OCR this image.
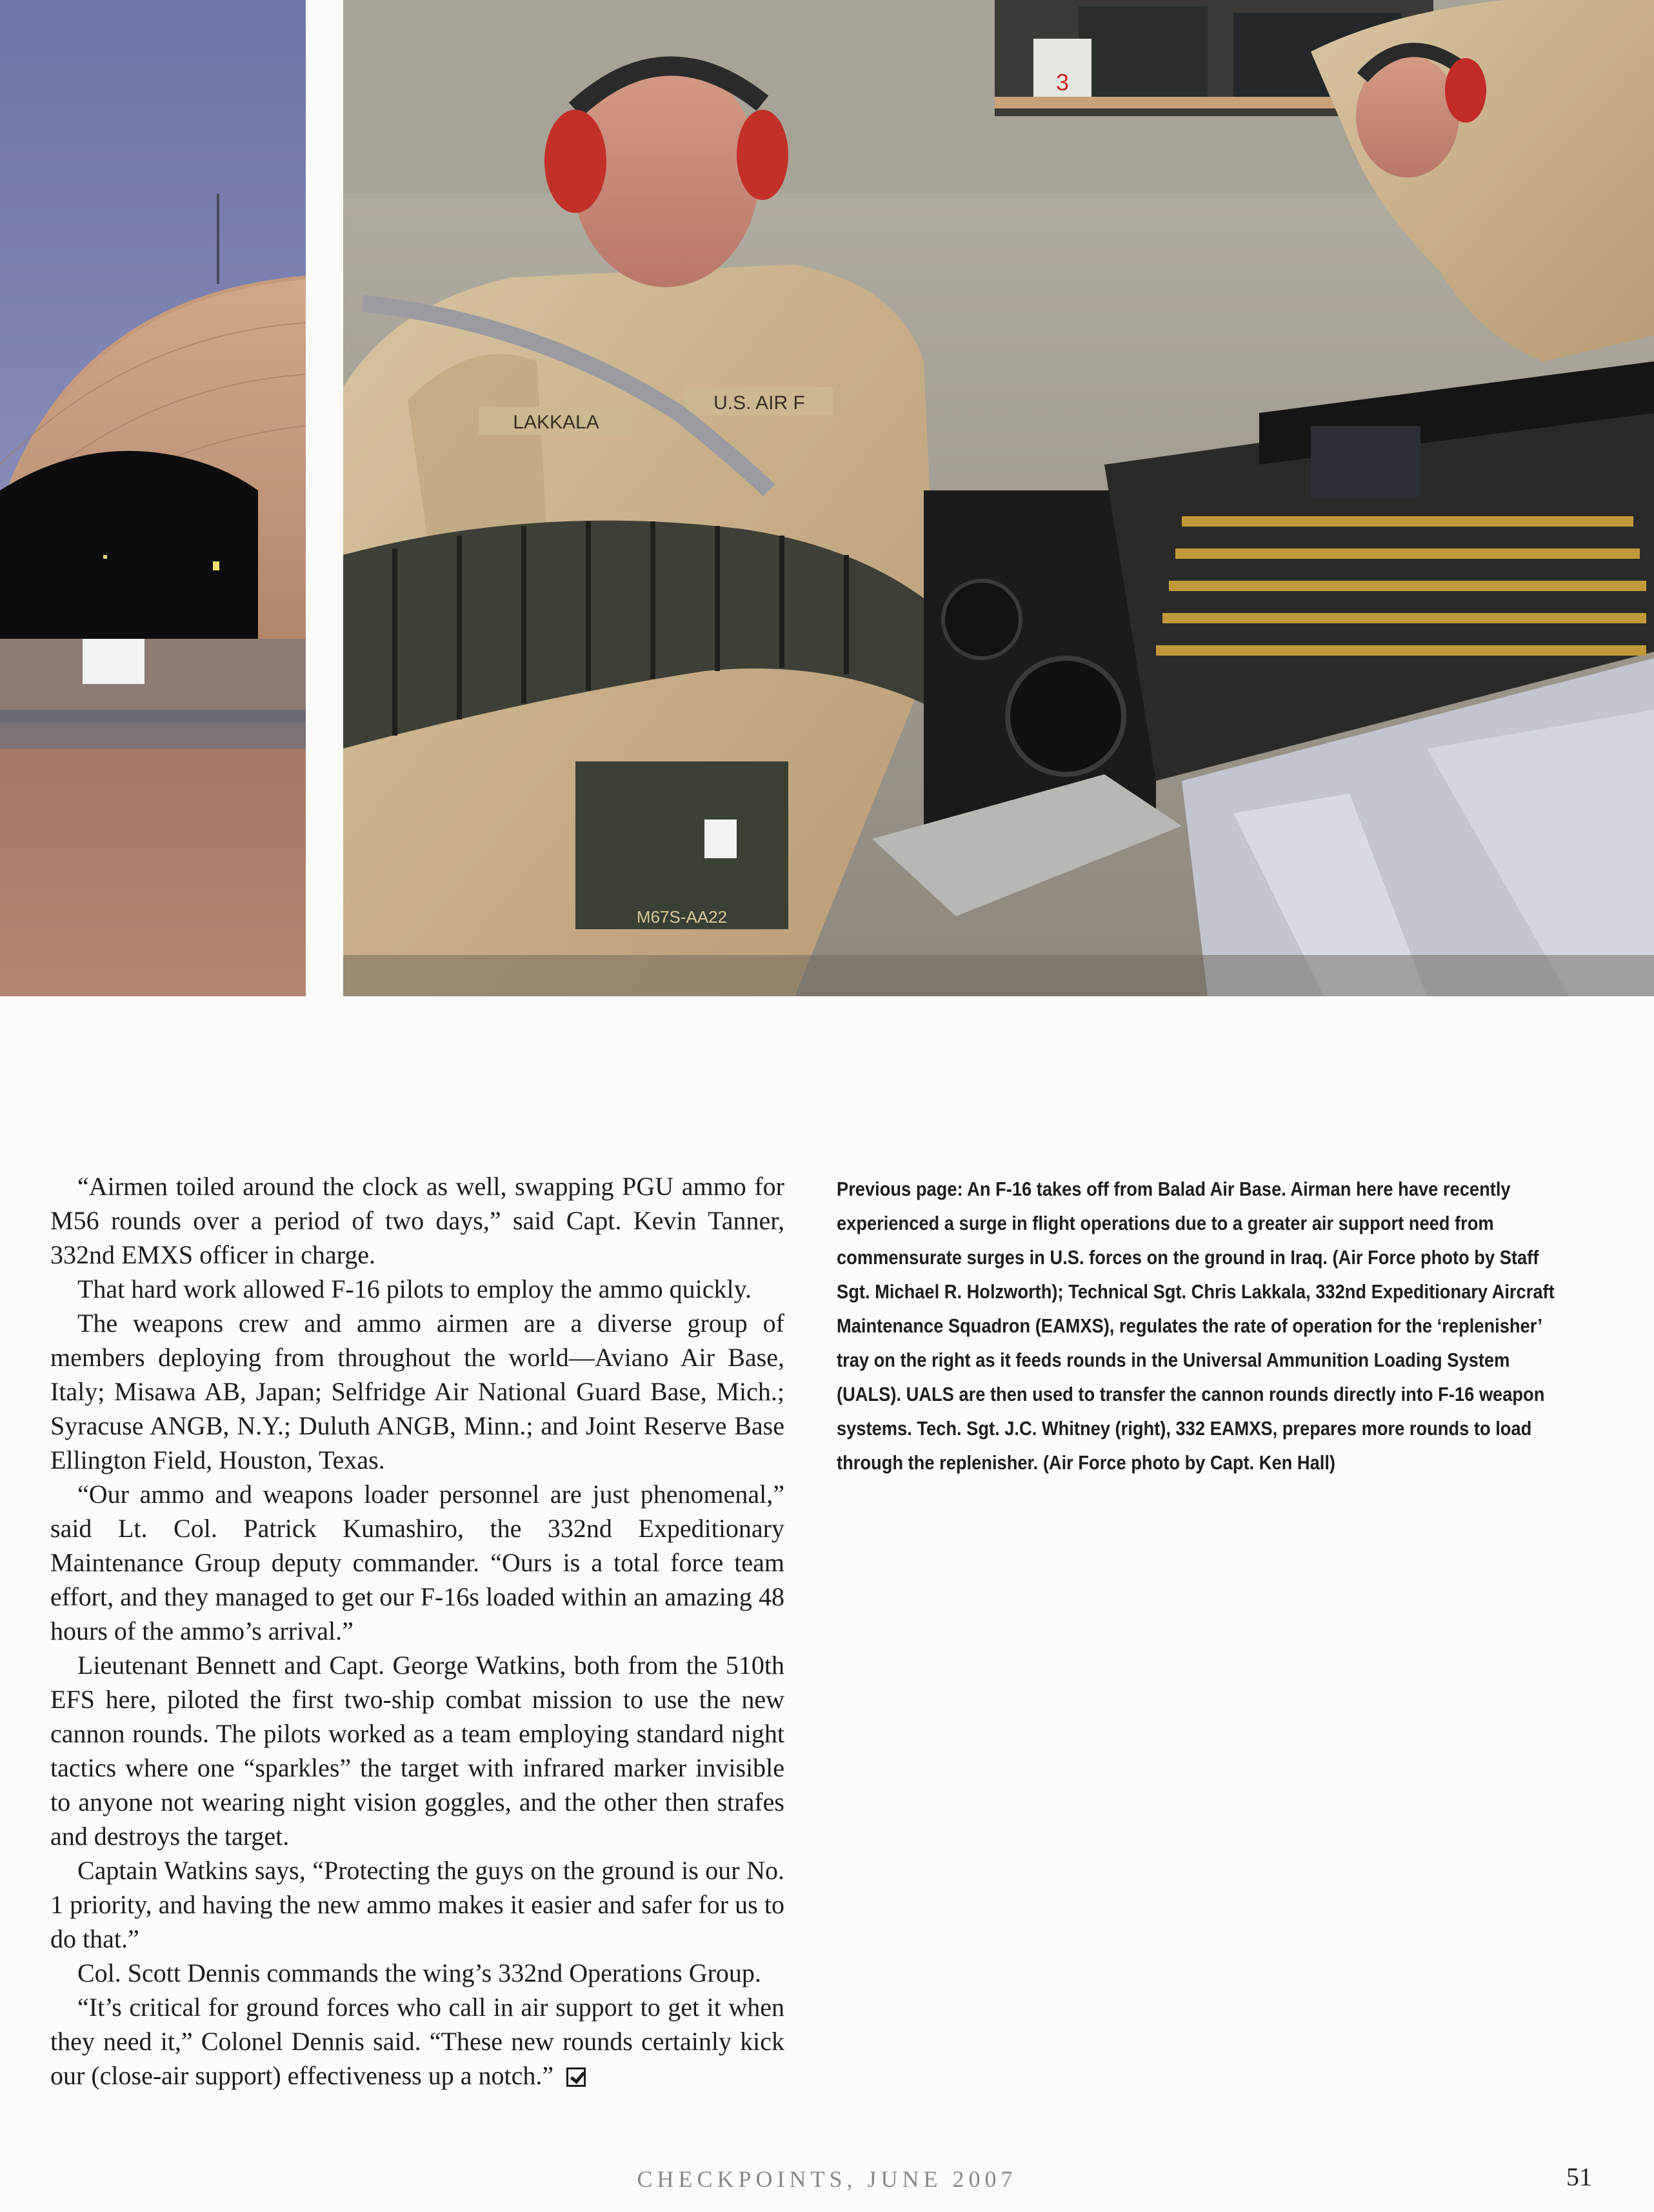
3
LAKKALA
U.S. AIR F
M67S-AA22

“Airmen toiled around the clock as well, swapping PGU ammo for M56 rounds over a period of two days,” said Capt. Kevin Tanner, 332nd EMXS officer in charge.

That hard work allowed F-16 pilots to employ the ammo quickly.

The weapons crew and ammo airmen are a diverse group of members deploying from throughout the world—Aviano Air Base, Italy; Misawa AB, Japan; Selfridge Air National Guard Base, Mich.; Syracuse ANGB, N.Y.; Duluth ANGB, Minn.; and Joint Reserve Base Ellington Field, Houston, Texas.

“Our ammo and weapons loader personnel are just phenomenal,” said Lt. Col. Patrick Kumashiro, the 332nd Expeditionary Maintenance Group deputy commander. “Ours is a total force team effort, and they managed to get our F-16s loaded within an amazing 48 hours of the ammo’s arrival.”

Lieutenant Bennett and Capt. George Watkins, both from the 510th EFS here, piloted the first two-ship combat mission to use the new cannon rounds. The pilots worked as a team employing standard night tactics where one “sparkles” the target with infrared marker invisible to anyone not wearing night vision goggles, and the other then strafes and destroys the target.

Captain Watkins says, “Protecting the guys on the ground is our No. 1 priority, and having the new ammo makes it easier and safer for us to do that.”

Col. Scott Dennis commands the wing’s 332nd Operations Group.

“It’s critical for ground forces who call in air support to get it when they need it,” Colonel Dennis said. “These new rounds certainly kick our (close-air support) effectiveness up a notch.”

Previous page: An F-16 takes off from Balad Air Base. Airman here have recently experienced a surge in flight operations due to a greater air support need from commensurate surges in U.S. forces on the ground in Iraq. (Air Force photo by Staff Sgt. Michael R. Holzworth); Technical Sgt. Chris Lakkala, 332nd Expeditionary Aircraft Maintenance Squadron (EAMXS), regulates the rate of operation for the ‘replenisher’ tray on the right as it feeds rounds in the Universal Ammunition Loading System (UALS). UALS are then used to transfer the cannon rounds directly into F-16 weapon systems. Tech. Sgt. J.C. Whitney (right), 332 EAMXS, prepares more rounds to load through the replenisher. (Air Force photo by Capt. Ken Hall)
CHECKPOINTS, JUNE 2007	51
